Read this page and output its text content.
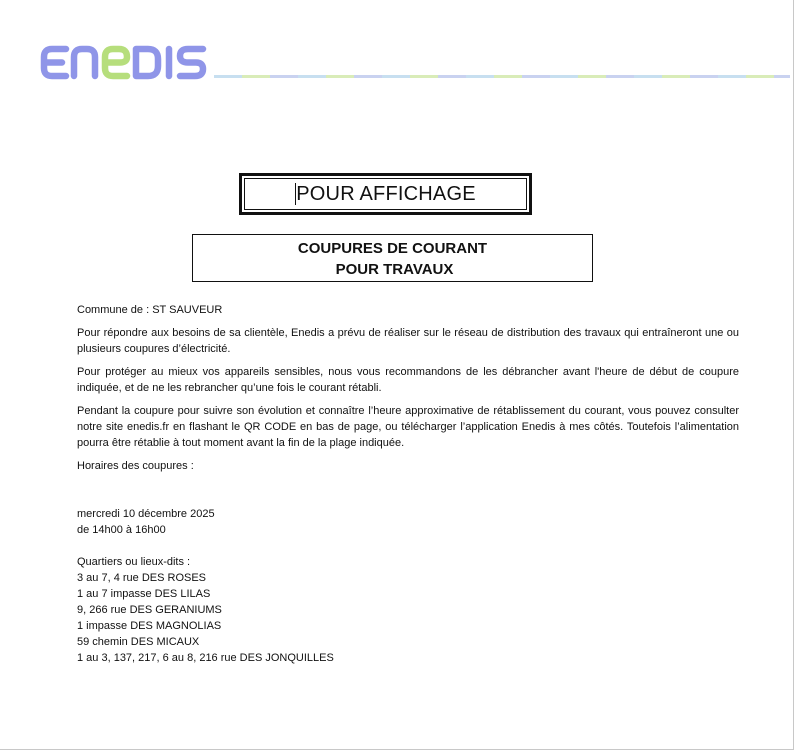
POUR AFFICHAGE
COUPURES DE COURANT
POUR TRAVAUX

Commune de : ST SAUVEUR

Pour répondre aux besoins de sa clientèle, Enedis a prévu de réaliser sur le réseau de distribution des travaux qui entraîneront une ou plusieurs coupures d’électricité.

Pour protéger au mieux vos appareils sensibles, nous vous recommandons de les débrancher avant l'heure de début de coupure indiquée, et de ne les rebrancher qu’une fois le courant rétabli.

Pendant la coupure pour suivre son évolution et connaître l’heure approximative de rétablissement du courant, vous pouvez consulter notre site enedis.fr en flashant le QR CODE en bas de page, ou télécharger l’application Enedis à mes côtés. Toutefois l’alimentation pourra être rétablie à tout moment avant la fin de la plage indiquée.

Horaires des coupures :

mercredi 10 décembre 2025

de 14h00 à 16h00

Quartiers ou lieux-dits :

3 au 7, 4 rue DES ROSES

1 au 7 impasse DES LILAS

9, 266 rue DES GERANIUMS

1 impasse DES MAGNOLIAS

59 chemin DES MICAUX

1 au 3, 137, 217, 6 au 8, 216 rue DES JONQUILLES
